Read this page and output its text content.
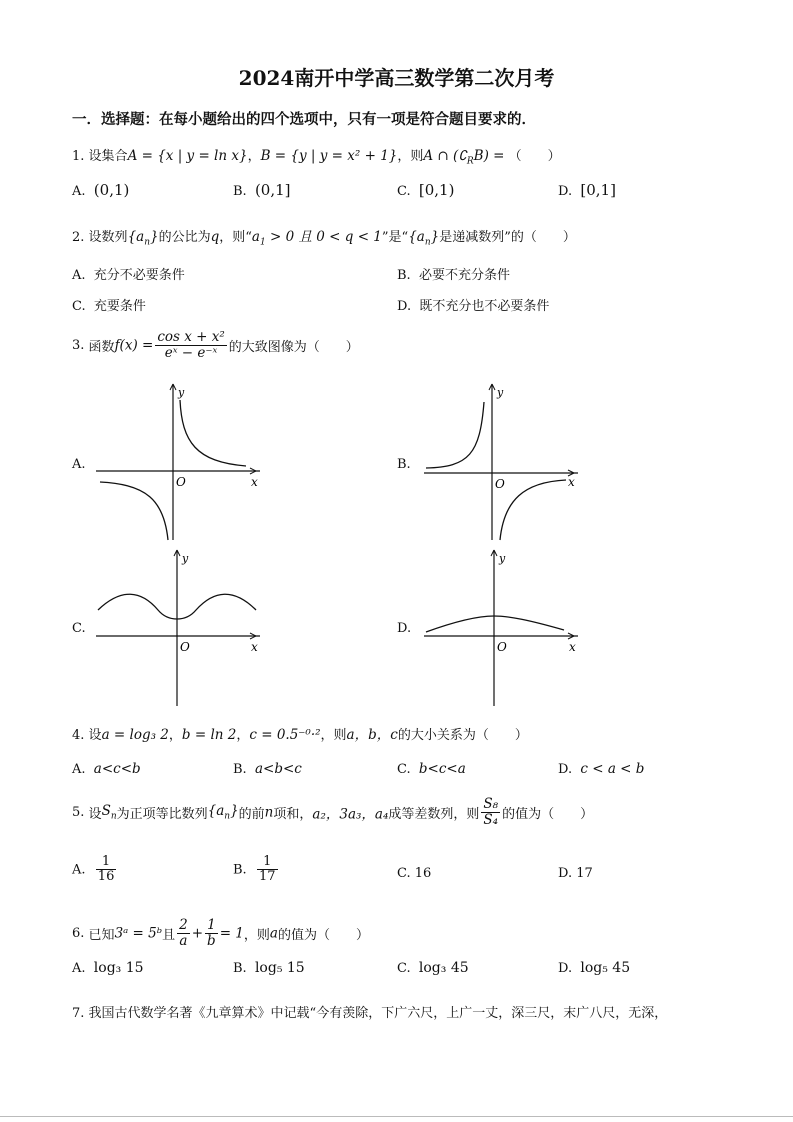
2024南开中学高三数学第二次月考
一．选择题：在每小题给出的四个选项中，只有一项是符合题目要求的．
1. 设集合A = {x | y = ln x}，B = {y | y = x² + 1}，则A ∩ $(∁_RB)$ = （　　）
A. (0,1)	B. (0,1]	C. [0,1)	D. [0,1]
2. 设数列$\{a_n\}$的公比为q，则“$a_1 > 0$ 且 0 < q < 1”是“$\{a_n\}$是递减数列”的（　　）
A. 充分不必要条件	B. 必要不充分条件
C. 充要条件	D. 既不充分也不必要条件
3. 函数$f(x) = \frac{\text{cos x + x²}}{\text{eˣ − e⁻ˣ}}$ 的大致图像为（　　）
A.	B.
C.	D.
O	x
y
O	x
y
O	x
y
O	x
y
4. 设a = log₃ 2，b = ln 2，c = 0.5⁻⁰·²，则a，b，c的大小关系为（　　）
A. a<c<b	B. a<b<c	C. b<c<a	D. c < a < b
5. 设$S_n$为正项等比数列$\{a_n\}$的前n项和，a₂，3a₃，a₄成等差数列，则 $\frac{\text{S₈}}{\text{S₄}}$ 的值为（　　）
A. $\frac{1}{16}$	B. $\frac{1}{17}$	C. 16	D. 17
6. 已知3ᵃ = 5ᵇ且 $\frac{2}{a} + \frac{1}{b} = 1$，则a的值为（　　）
A. log₃ 15	B. log₅ 15	C. log₃ 45	D. log₅ 45
7. 我国古代数学名著《九章算术》中记载“今有羡除，下广六尺，上广一丈，深三尺，末广八尺，无深，
